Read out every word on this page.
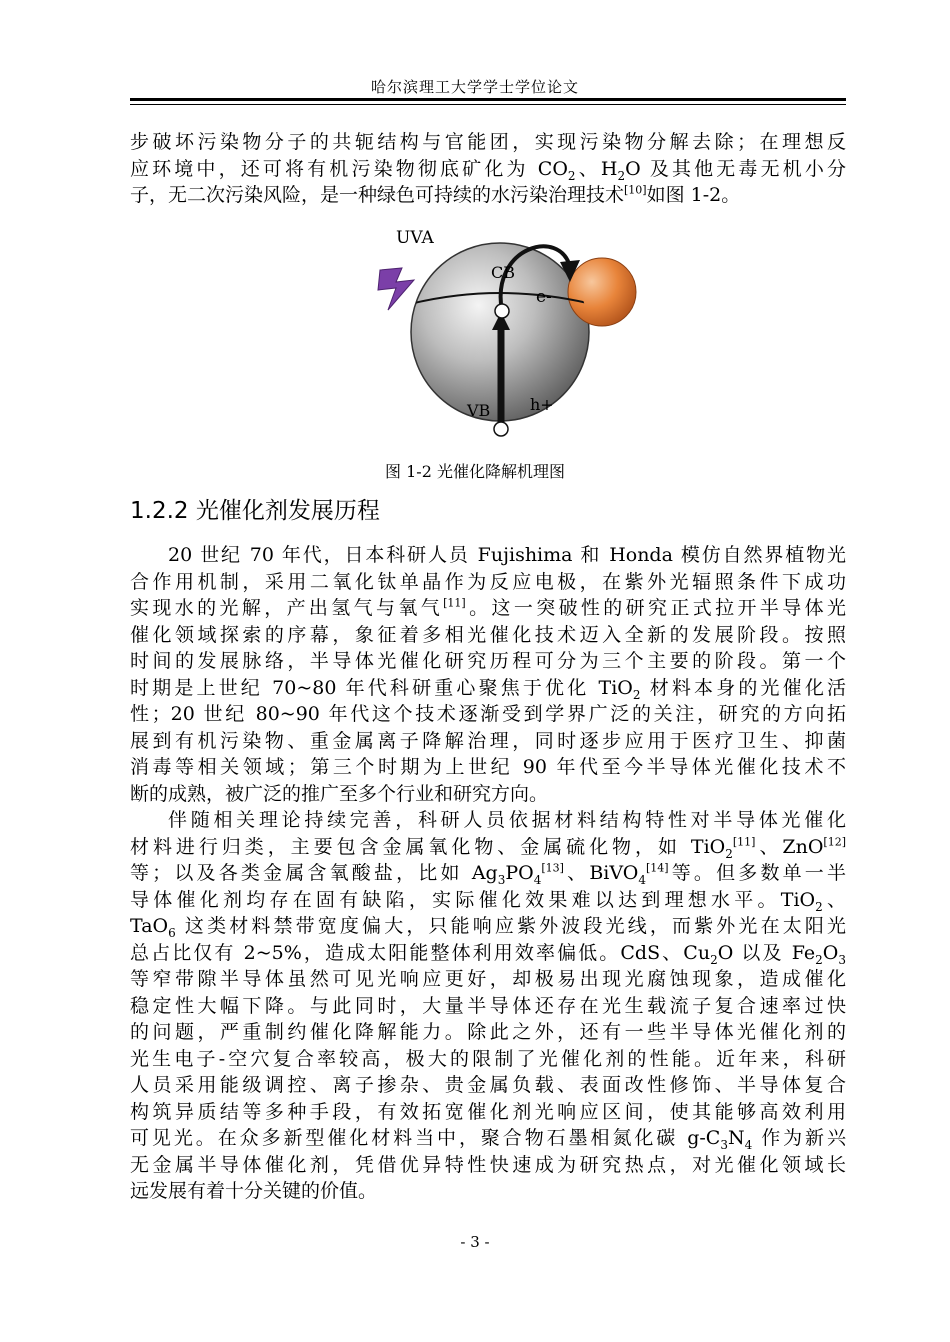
哈尔滨理工大学学士学位论文
步破坏污染物分子的共轭结构与官能团，实现污染物分解去除；在理想反
应环境中，还可将有机污染物彻底矿化为 $CO_2$、$H_2O$ 及其他无毒无机小分
子，无二次污染风险，是一种绿色可持续的水污染治理技术[10]如图 1-2。
UVA
CB
e-
VB h+
图 1-2 光催化降解机理图
1.2.2 光催化剂发展历程
20 世纪 70 年代，日本科研人员 Fujishima 和 Honda 模仿自然界植物光
合作用机制，采用二氧化钛单晶作为反应电极，在紫外光辐照条件下成功
实现水的光解，产出氢气与氧气[11]。这一突破性的研究正式拉开半导体光
催化领域探索的序幕，象征着多相光催化技术迈入全新的发展阶段。按照
时间的发展脉络，半导体光催化研究历程可分为三个主要的阶段。第一个
时期是上世纪 70~80 年代科研重心聚焦于优化 TiO$_2$ 材料本身的光催化活
性；20 世纪 80~90 年代这个技术逐渐受到学界广泛的关注，研究的方向拓
展到有机污染物、重金属离子降解治理，同时逐步应用于医疗卫生、抑菌
消毒等相关领域；第三个时期为上世纪 90 年代至今半导体光催化技术不
断的成熟，被广泛的推广至多个行业和研究方向。
伴随相关理论持续完善，科研人员依据材料结构特性对半导体光催化
材料进行归类，主要包含金属氧化物、金属硫化物，如 TiO$_2$[11]、ZnO[12]
等；以及各类金属含氧酸盐，比如 $Ag_3PO_4[13]$、BiVO$_4$[14]等。但多数单一半
导体催化剂均存在固有缺陷，实际催化效果难以达到理想水平。TiO$_2$、
TaO$_6$ 这类材料禁带宽度偏大，只能响应紫外波段光线，而紫外光在太阳光
总占比仅有 2~5%，造成太阳能整体利用效率偏低。CdS、$Cu_2O$ 以及 $Fe_2O_3$
等窄带隙半导体虽然可见光响应更好，却极易出现光腐蚀现象，造成催化
稳定性大幅下降。与此同时，大量半导体还存在光生载流子复合速率过快
的问题，严重制约催化降解能力。除此之外，还有一些半导体光催化剂的
光生电子-空穴复合率较高，极大的限制了光催化剂的性能。近年来，科研
人员采用能级调控、离子掺杂、贵金属负载、表面改性修饰、半导体复合
构筑异质结等多种手段，有效拓宽催化剂光响应区间，使其能够高效利用
可见光。在众多新型催化材料当中，聚合物石墨相氮化碳 $g-C_3N_4$ 作为新兴
无金属半导体催化剂，凭借优异特性快速成为研究热点，对光催化领域长
远发展有着十分关键的价值。
- 3 -
